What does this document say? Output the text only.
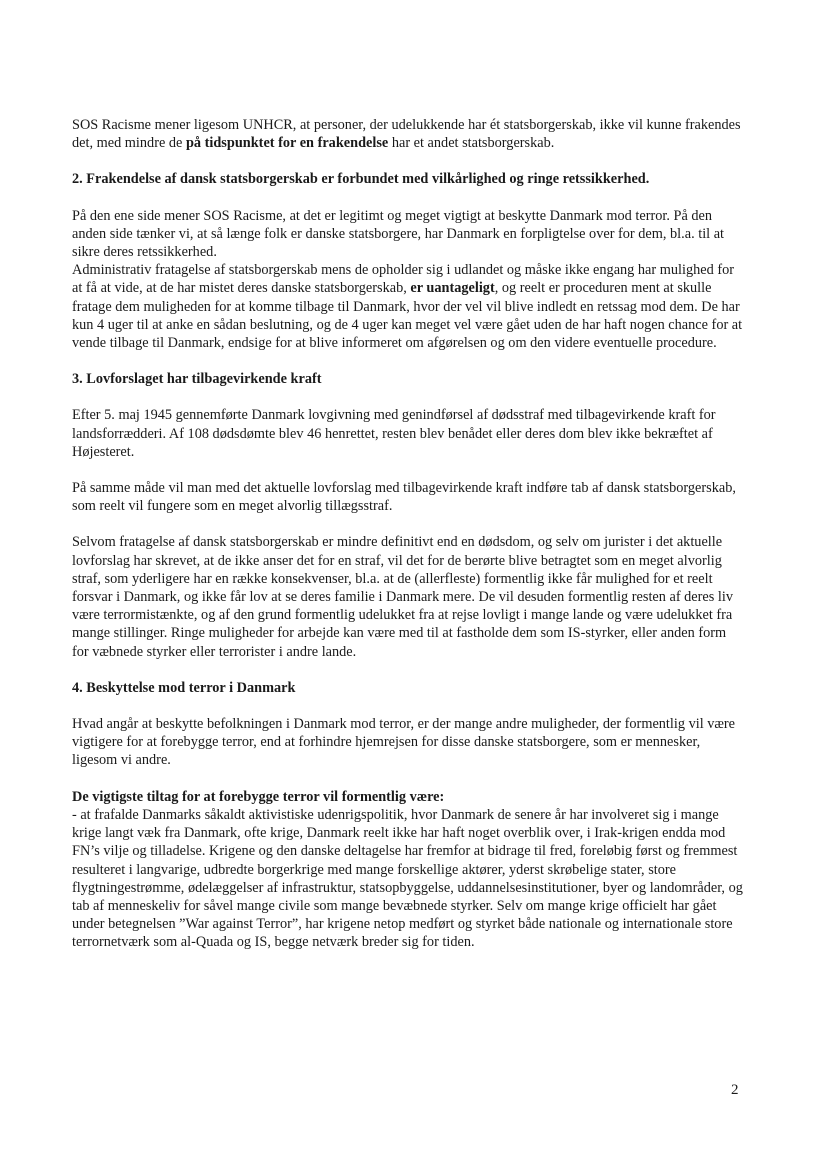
SOS Racisme mener ligesom UNHCR, at personer, der udelukkende har ét statsborgerskab, ikke vil kunne frakendes det, med mindre de på tidspunktet for en frakendelse har et andet statsborgerskab.

2. Frakendelse af dansk statsborgerskab er forbundet med vilkårlighed og ringe retssikkerhed.

På den ene side mener SOS Racisme, at det er legitimt og meget vigtigt at beskytte Danmark mod terror. På den anden side tænker vi, at så længe folk er danske statsborgere, har Danmark en forpligtelse over for dem, bl.a. til at sikre deres retssikkerhed.

Administrativ fratagelse af statsborgerskab mens de opholder sig i udlandet og måske ikke engang har mulighed for at få at vide, at de har mistet deres danske statsborgerskab, er uantageligt, og reelt er proceduren ment at skulle fratage dem muligheden for at komme tilbage til Danmark, hvor der vel vil blive indledt en retssag mod dem. De har kun 4 uger til at anke en sådan beslutning, og de 4 uger kan meget vel være gået uden de har haft nogen chance for at vende tilbage til Danmark, endsige for at blive informeret om afgørelsen og om den videre eventuelle procedure.

3. Lovforslaget har tilbagevirkende kraft

Efter 5. maj 1945 gennemførte Danmark lovgivning med genindførsel af dødsstraf med tilbagevirkende kraft for landsforrædderi. Af 108 dødsdømte blev 46 henrettet, resten blev benådet eller deres dom blev ikke bekræftet af Højesteret.

På samme måde vil man med det aktuelle lovforslag med tilbagevirkende kraft indføre tab af dansk statsborgerskab, som reelt vil fungere som en meget alvorlig tillægsstraf.

Selvom fratagelse af dansk statsborgerskab er mindre definitivt end en dødsdom, og selv om jurister i det aktuelle lovforslag har skrevet, at de ikke anser det for en straf, vil det for de berørte blive betragtet som en meget alvorlig straf, som yderligere har en række konsekvenser, bl.a. at de (allerfleste) formentlig ikke får mulighed for et reelt forsvar i Danmark, og ikke får lov at se deres familie i Danmark mere. De vil desuden formentlig resten af deres liv være terrormistænkte, og af den grund formentlig udelukket fra at rejse lovligt i mange lande og være udelukket fra mange stillinger. Ringe muligheder for arbejde kan være med til at fastholde dem som IS-styrker, eller anden form for væbnede styrker eller terrorister i andre lande.

4. Beskyttelse mod terror i Danmark

Hvad angår at beskytte befolkningen i Danmark mod terror, er der mange andre muligheder, der formentlig vil være vigtigere for at forebygge terror, end at forhindre hjemrejsen for disse danske statsborgere, som er mennesker, ligesom vi andre.

De vigtigste tiltag for at forebygge terror vil formentlig være:

- at frafalde Danmarks såkaldt aktivistiske udenrigspolitik, hvor Danmark de senere år har involveret sig i mange krige langt væk fra Danmark, ofte krige, Danmark reelt ikke har haft noget overblik over, i Irak-krigen endda mod FN’s vilje og tilladelse. Krigene og den danske deltagelse har fremfor at bidrage til fred, foreløbig først og fremmest resulteret i langvarige, udbredte borgerkrige med mange forskellige aktører, yderst skrøbelige stater, store flygtningestrømme, ødelæggelser af infrastruktur, statsopbyggelse, uddannelsesinstitutioner, byer og landområder, og tab af menneskeliv for såvel mange civile som mange bevæbnede styrker. Selv om mange krige officielt har gået under betegnelsen ”War against Terror”, har krigene netop medført og styrket både nationale og internationale store terrornetværk som al-Quada og IS, begge netværk breder sig for tiden.

2
